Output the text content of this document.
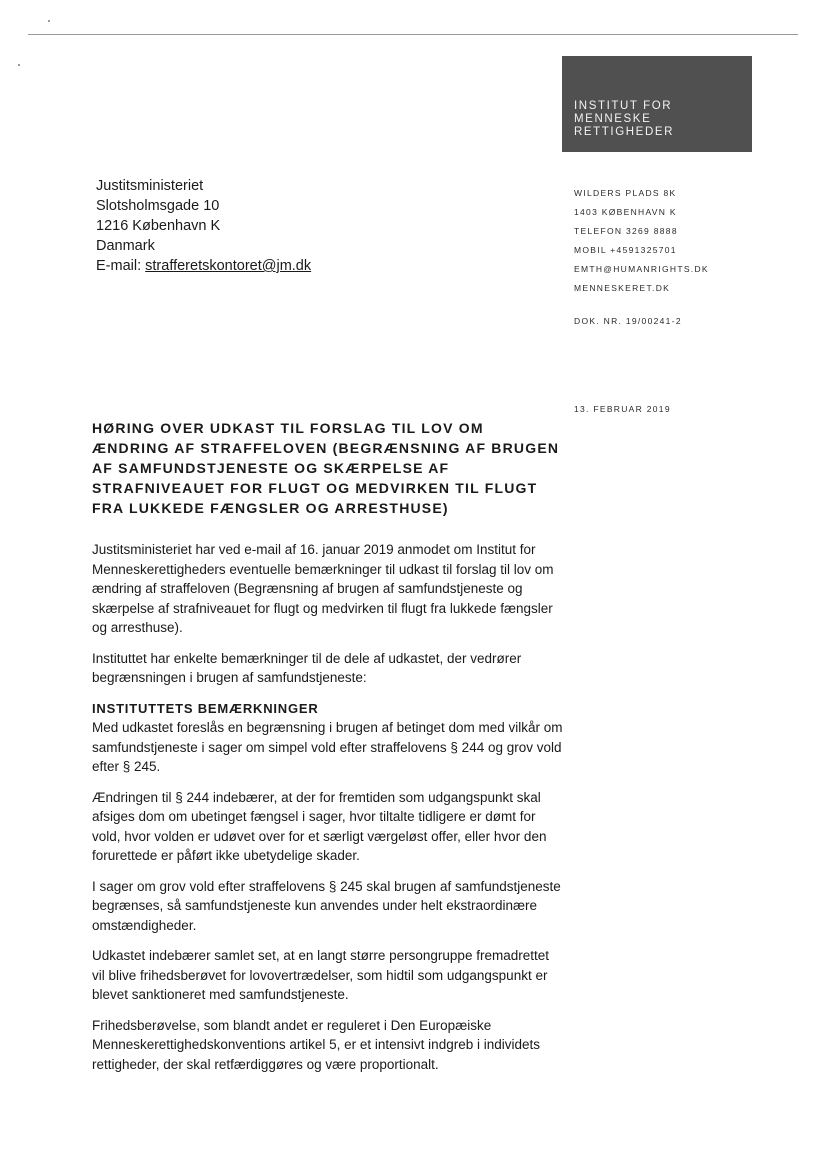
INSTITUT FOR
MENNESKE
RETTIGHEDER
Justitsministeriet
Slotsholmsgade 10
1216 København K
Danmark
E-mail: strafferetskontoret@jm.dk
WILDERS PLADS 8K
1403 KØBENHAVN K
TELEFON 3269 8888
MOBIL +4591325701
EMTH@HUMANRIGHTS.DK
MENNESKERET.DK
DOK. NR. 19/00241-2
13. FEBRUAR 2019
HØRING OVER UDKAST TIL FORSLAG TIL LOV OM ÆNDRING AF STRAFFELOVEN (BEGRÆNSNING AF BRUGEN AF SAMFUNDSTJENESTE OG SKÆRPELSE AF STRAFNIVEAUET FOR FLUGT OG MEDVIRKEN TIL FLUGT FRA LUKKEDE FÆNGSLER OG ARRESTHUSE)

Justitsministeriet har ved e-mail af 16. januar 2019 anmodet om Institut for Menneskerettigheders eventuelle bemærkninger til udkast til forslag til lov om ændring af straffeloven (Begrænsning af brugen af samfundstjeneste og skærpelse af strafniveauet for flugt og medvirken til flugt fra lukkede fængsler og arresthuse).

Instituttet har enkelte bemærkninger til de dele af udkastet, der vedrører begrænsningen i brugen af samfundstjeneste:

INSTITUTTETS BEMÆRKNINGER

Med udkastet foreslås en begrænsning i brugen af betinget dom med vilkår om samfundstjeneste i sager om simpel vold efter straffelovens § 244 og grov vold efter § 245.

Ændringen til § 244 indebærer, at der for fremtiden som udgangspunkt skal afsiges dom om ubetinget fængsel i sager, hvor tiltalte tidligere er dømt for vold, hvor volden er udøvet over for et særligt værgeløst offer, eller hvor den forurettede er påført ikke ubetydelige skader.

I sager om grov vold efter straffelovens § 245 skal brugen af samfundstjeneste begrænses, så samfundstjeneste kun anvendes under helt ekstraordinære omstændigheder.

Udkastet indebærer samlet set, at en langt større persongruppe fremadrettet vil blive frihedsberøvet for lovovertrædelser, som hidtil som udgangspunkt er blevet sanktioneret med samfundstjeneste.

Frihedsberøvelse, som blandt andet er reguleret i Den Europæiske Menneskerettighedskonventions artikel 5, er et intensivt indgreb i individets rettigheder, der skal retfærdiggøres og være proportionalt.
